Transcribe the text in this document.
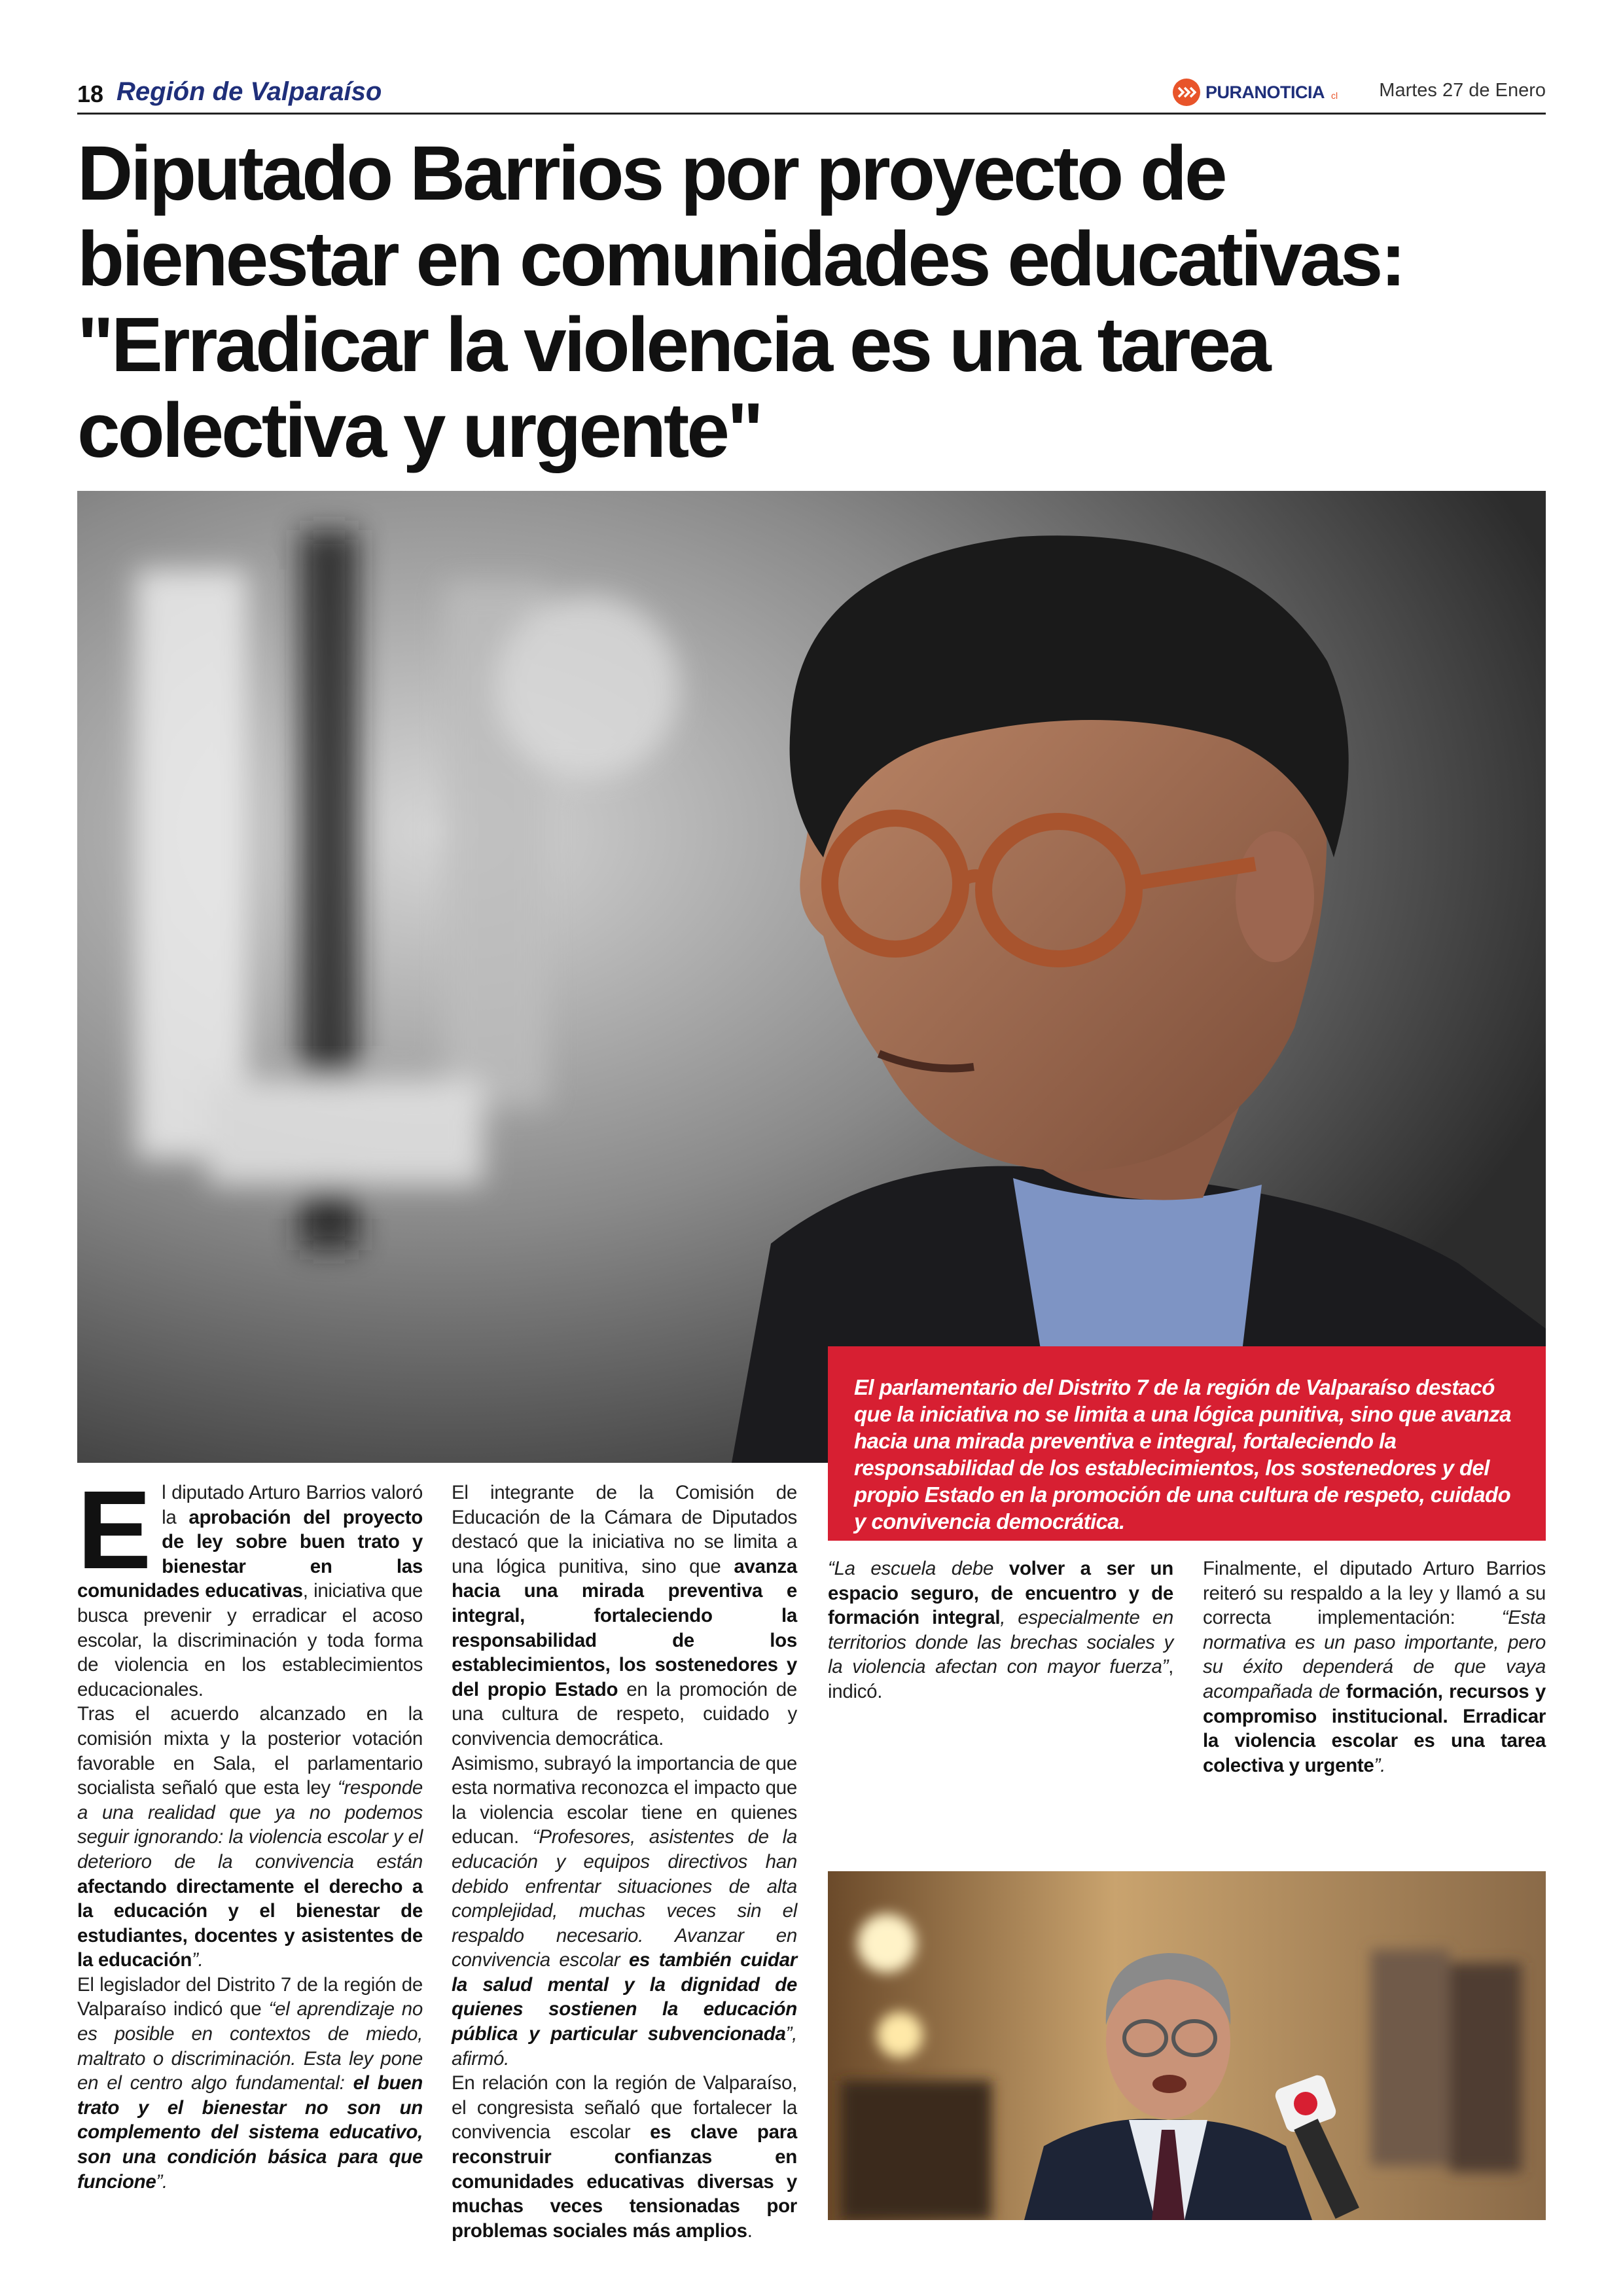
18 Región de Valparaíso	PURANOTICIA cl Martes 27 de Enero
Diputado Barrios por proyecto de bienestar en comunidades educativas: "Erradicar la violencia es una tarea colectiva y urgente"
El parlamentario del Distrito 7 de la región de Valparaíso destacó que la iniciativa no se limita a una lógica punitiva, sino que avanza hacia una mirada preventiva e integral, fortaleciendo la responsabilidad de los establecimientos, los sostenedores y del propio Estado en la promoción de una cultura de respeto, cuidado y convivencia democrática.
E l diputado Arturo Barrios valoró la aprobación del proyecto de ley sobre buen trato y bienestar en las comunidades educativas, iniciativa que busca prevenir y erradicar el acoso escolar, la discriminación y toda forma de violencia en los establecimientos educacionales.

Tras el acuerdo alcanzado en la comisión mixta y la posterior votación favorable en Sala, el parlamentario socialista señaló que esta ley “responde a una realidad que ya no podemos seguir ignorando: la violencia escolar y el deterioro de la convivencia están afectando directamente el derecho a la educación y el bienestar de estudiantes, docentes y asistentes de la educación”.

El legislador del Distrito 7 de la región de Valparaíso indicó que “el aprendizaje no es posible en contextos de miedo, maltrato o discriminación. Esta ley pone en el centro algo fundamental: el buen trato y el bienestar no son un complemento del sistema educativo, son una condición básica para que funcione”.

El integrante de la Comisión de Educación de la Cámara de Diputados destacó que la iniciativa no se limita a una lógica punitiva, sino que avanza hacia una mirada preventiva e integral, fortaleciendo la responsabilidad de los establecimientos, los sostenedores y del propio Estado en la promoción de una cultura de respeto, cuidado y convivencia democrática.

Asimismo, subrayó la importancia de que esta normativa reconozca el impacto que la violencia escolar tiene en quienes educan. “Profesores, asistentes de la educación y equipos directivos han debido enfrentar situaciones de alta complejidad, muchas veces sin el respaldo necesario. Avanzar en convivencia escolar es también cuidar la salud mental y la dignidad de quienes sostienen la educación pública y particular subvencionada”, afirmó.

En relación con la región de Valparaíso, el congresista señaló que fortalecer la convivencia escolar es clave para reconstruir confianzas en comunidades educativas diversas y muchas veces tensionadas por problemas sociales más amplios.

“La escuela debe volver a ser un espacio seguro, de encuentro y de formación integral, especialmente en territorios donde las brechas sociales y la violencia afectan con mayor fuerza”, indicó.

Finalmente, el diputado Arturo Barrios reiteró su respaldo a la ley y llamó a su correcta implementación: “Esta normativa es un paso importante, pero su éxito dependerá de que vaya acompañada de formación, recursos y compromiso institucional. Erradicar la violencia escolar es una tarea colectiva y urgente”.
